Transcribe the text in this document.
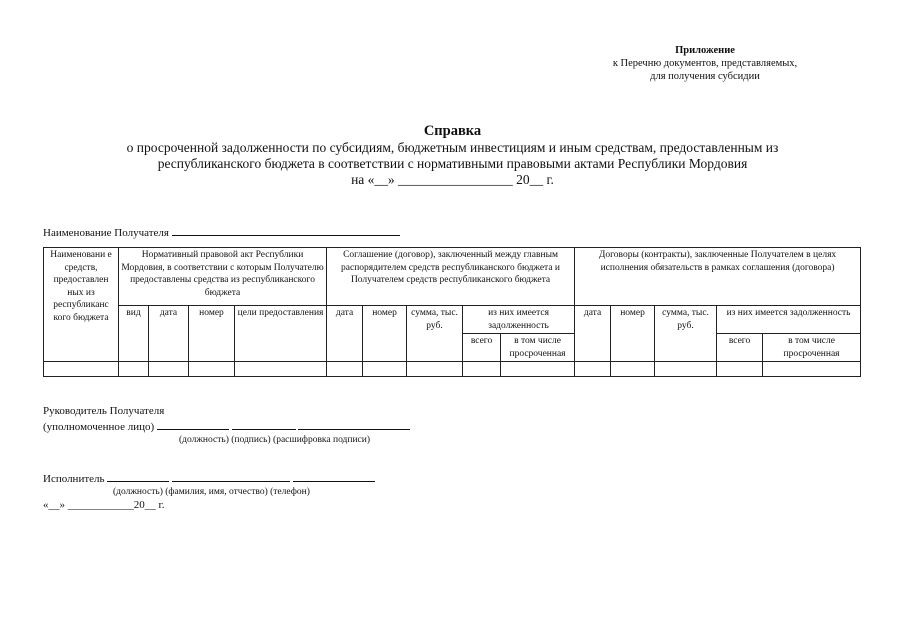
Приложение
к Перечню документов, представляемых,
для получения субсидии
Справка
о просроченной задолженности по субсидиям, бюджетным инвестициям и иным средствам, предоставленным из
республиканского бюджета в соответствии с нормативными правовыми актами Республики Мордовия
на «__» _________________ 20__ г.
Наименование Получателя
Наименовани е средств, предоставлен ных из республиканс кого бюджета	Нормативный правовой акт Республики Мордовия, в соответствии с которым Получателю предоставлены средства из республиканского бюджета				Соглашение (договор), заключенный между главным распорядителем средств республиканского бюджета и Получателем средств республиканского бюджета					Договоры (контракты), заключенные Получателем в целях исполнения обязательств в рамках соглашения (договора)				
	вид	дата	номер	цели предоставления	дата	номер	сумма, тыс. руб.	из них имеется задолженность		дата	номер	сумма, тыс. руб.	из них имеется задолженность	
								всего	в том числе просроченная				всего	в том числе просроченная

Руководитель Получателя
(уполномоченное лицо)
(должность) (подпись) (расшифровка подписи)
Исполнитель
(должность) (фамилия, имя, отчество) (телефон)
«__» ____________20__ г.
